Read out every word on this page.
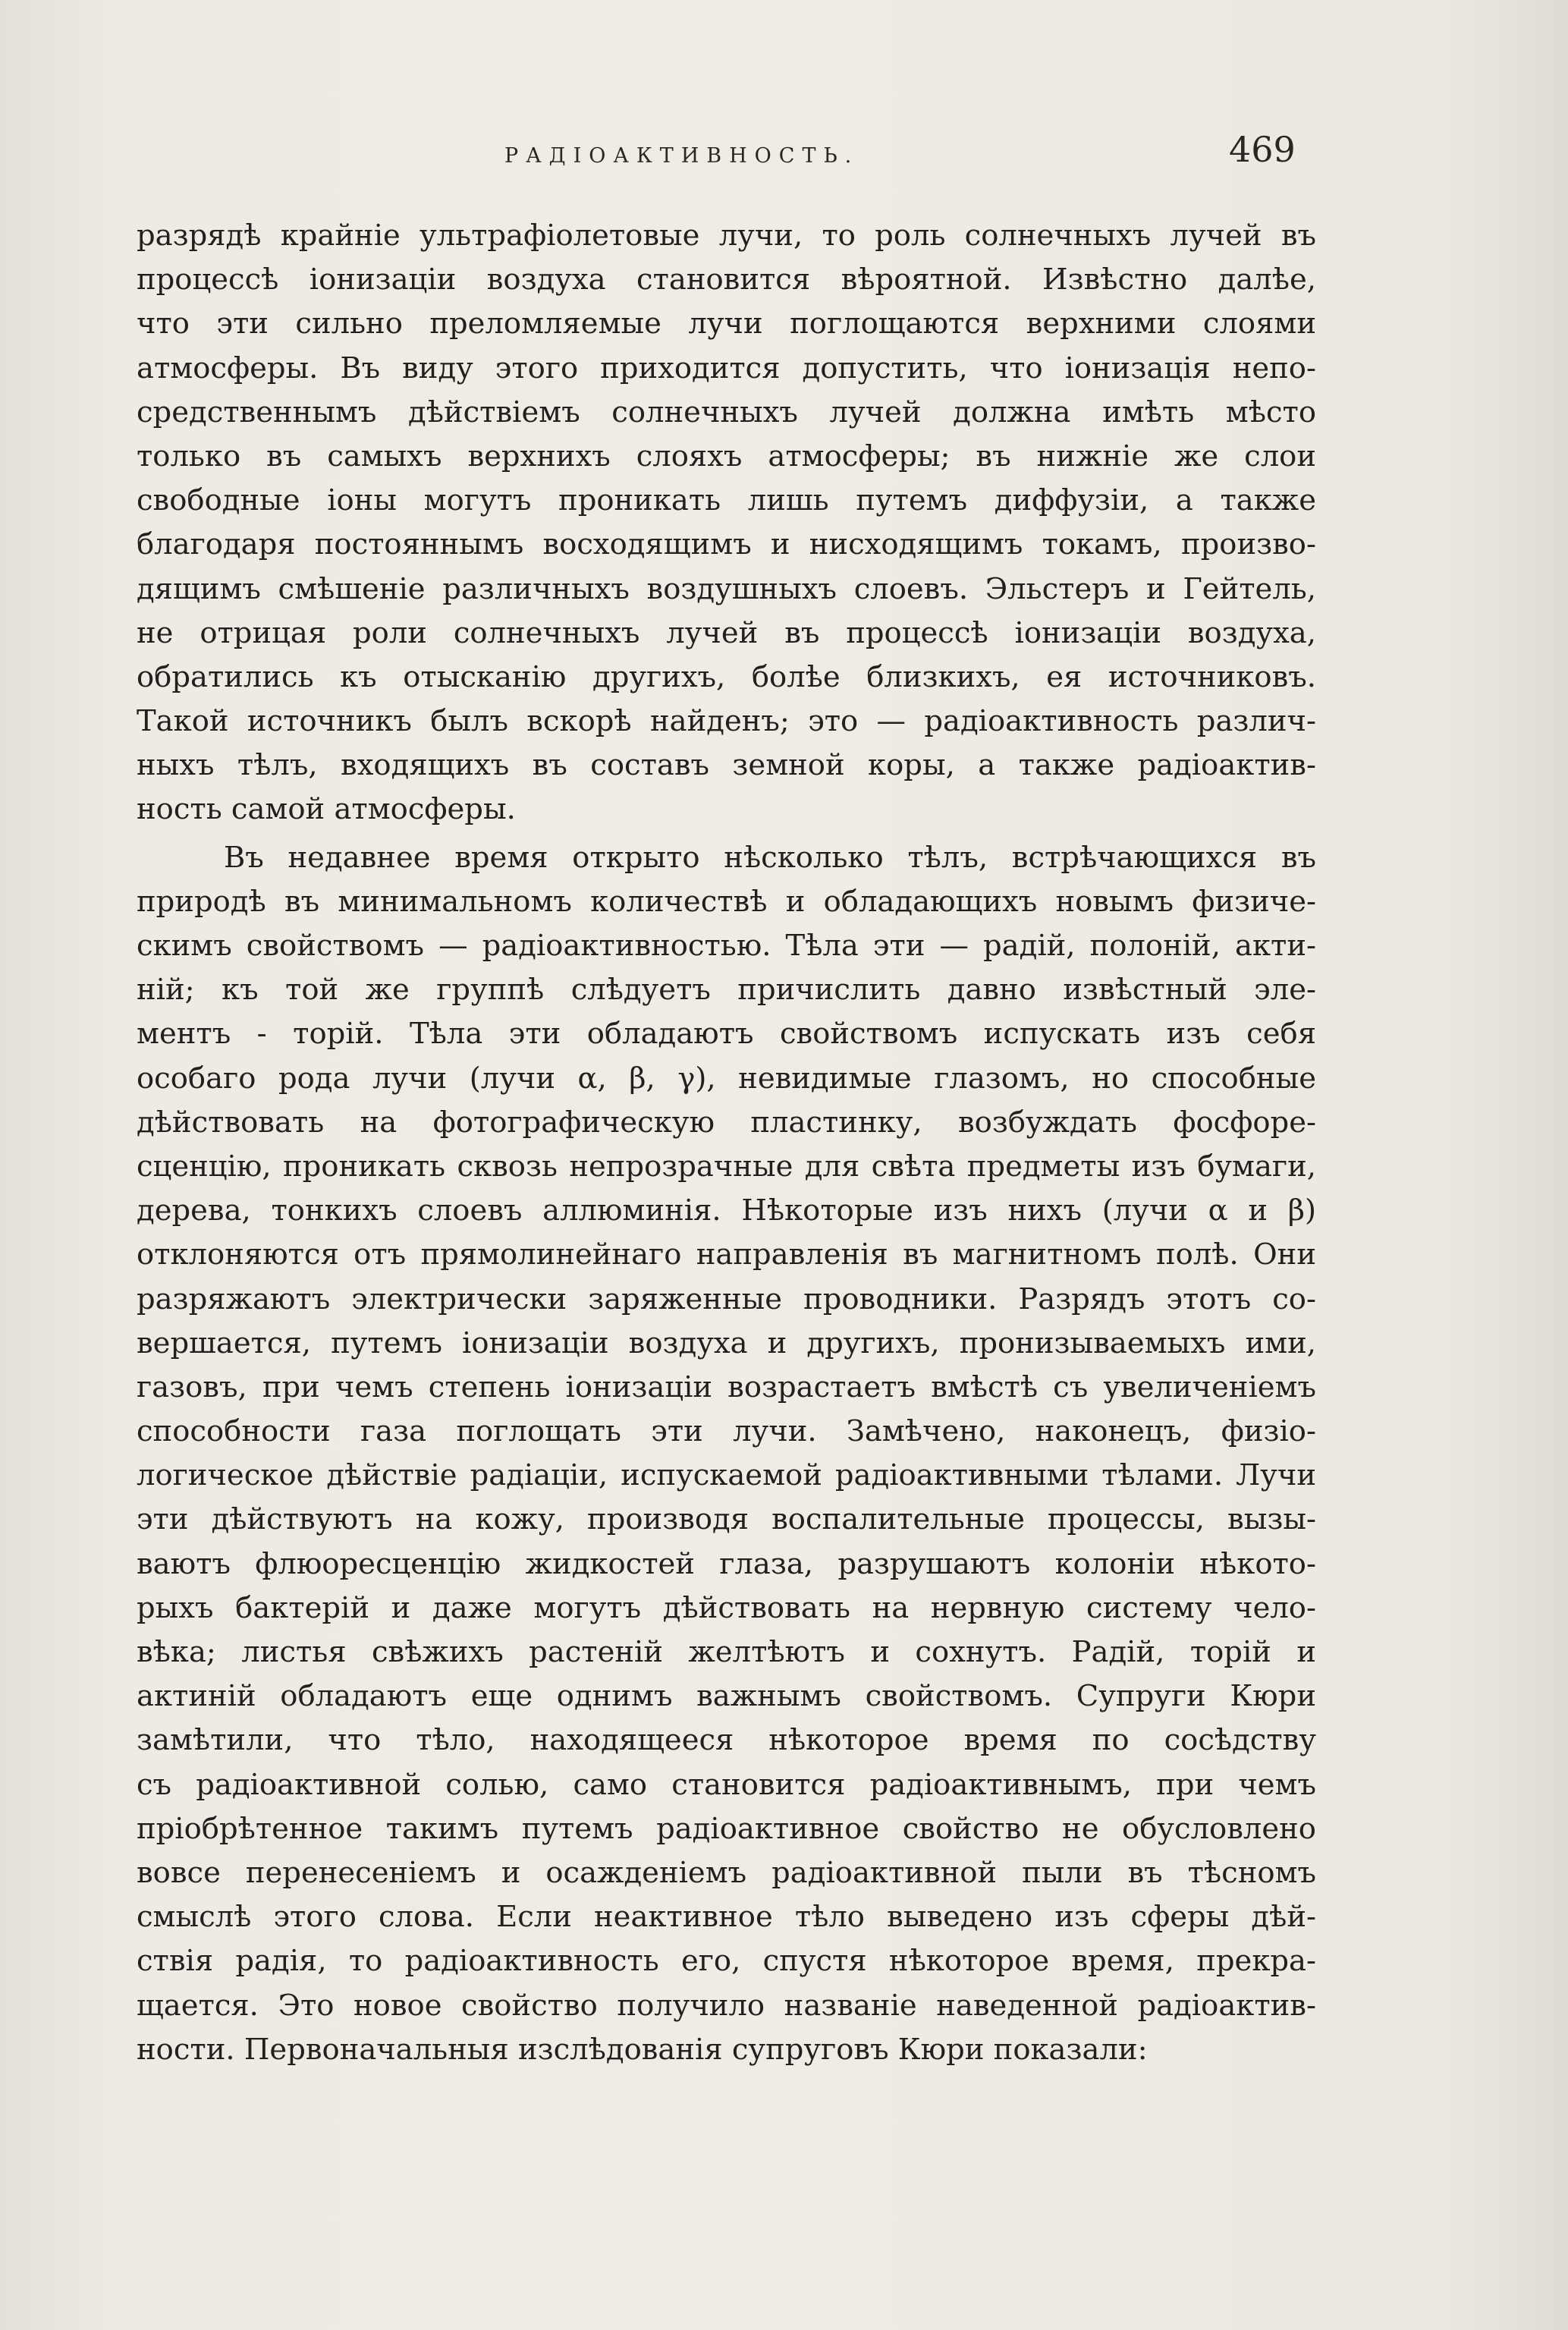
РАДІОАКТИВНОСТЬ.	469
разрядѣ крайніе ультрафіолетовые лучи, то роль солнечныхъ лучей въ
процессѣ іонизаціи воздуха становится вѣроятной. Извѣстно далѣе,
что эти сильно преломляемые лучи поглощаются верхними слоями
атмосферы. Въ виду этого приходится допустить, что іонизація непо-
средственнымъ дѣйствіемъ солнечныхъ лучей должна имѣть мѣсто
только въ самыхъ верхнихъ слояхъ атмосферы; въ нижніе же слои
свободные іоны могутъ проникать лишь путемъ диффузіи, а также
благодаря постояннымъ восходящимъ и нисходящимъ токамъ, произво-
дящимъ смѣшеніе различныхъ воздушныхъ слоевъ. Эльстеръ и Гейтель,
не отрицая роли солнечныхъ лучей въ процессѣ іонизаціи воздуха,
обратились къ отысканію другихъ, болѣе близкихъ, ея источниковъ.
Такой источникъ былъ вскорѣ найденъ; это — радіоактивность различ-
ныхъ тѣлъ, входящихъ въ составъ земной коры, а также радіоактив-
ность самой атмосферы.
Въ недавнее время открыто нѣсколько тѣлъ, встрѣчающихся въ
природѣ въ минимальномъ количествѣ и обладающихъ новымъ физиче-
скимъ свойствомъ — радіоактивностью. Тѣла эти — радій, полоній, акти-
ній; къ той же группѣ слѣдуетъ причислить давно извѣстный эле-
ментъ - торій. Тѣла эти обладаютъ свойствомъ испускать изъ себя
особаго рода лучи (лучи α, β, γ), невидимые глазомъ, но способные
дѣйствовать на фотографическую пластинку, возбуждать фосфоре-
сценцію, проникать сквозь непрозрачные для свѣта предметы изъ бумаги,
дерева, тонкихъ слоевъ аллюминія. Нѣкоторые изъ нихъ (лучи α и β)
отклоняются отъ прямолинейнаго направленія въ магнитномъ полѣ. Они
разряжаютъ электрически заряженные проводники. Разрядъ этотъ со-
вершается, путемъ іонизаціи воздуха и другихъ, пронизываемыхъ ими,
газовъ, при чемъ степень іонизаціи возрастаетъ вмѣстѣ съ увеличеніемъ
способности газа поглощать эти лучи. Замѣчено, наконецъ, физіо-
логическое дѣйствіе радіаціи, испускаемой радіоактивными тѣлами. Лучи
эти дѣйствуютъ на кожу, производя воспалительные процессы, вызы-
ваютъ флюоресценцію жидкостей глаза, разрушаютъ колоніи нѣкото-
рыхъ бактерій и даже могутъ дѣйствовать на нервную систему чело-
вѣка; листья свѣжихъ растеній желтѣютъ и сохнутъ. Радій, торій и
актиній обладаютъ еще однимъ важнымъ свойствомъ. Супруги Кюри
замѣтили, что тѣло, находящееся нѣкоторое время по сосѣдству
съ радіоактивной солью, само становится радіоактивнымъ, при чемъ
пріобрѣтенное такимъ путемъ радіоактивное свойство не обусловлено
вовсе перенесеніемъ и осажденіемъ радіоактивной пыли въ тѣсномъ
смыслѣ этого слова. Если неактивное тѣло выведено изъ сферы дѣй-
ствія радія, то радіоактивность его, спустя нѣкоторое время, прекра-
щается. Это новое свойство получило названіе наведенной радіоактив-
ности. Первоначальныя изслѣдованія супруговъ Кюри показали:
